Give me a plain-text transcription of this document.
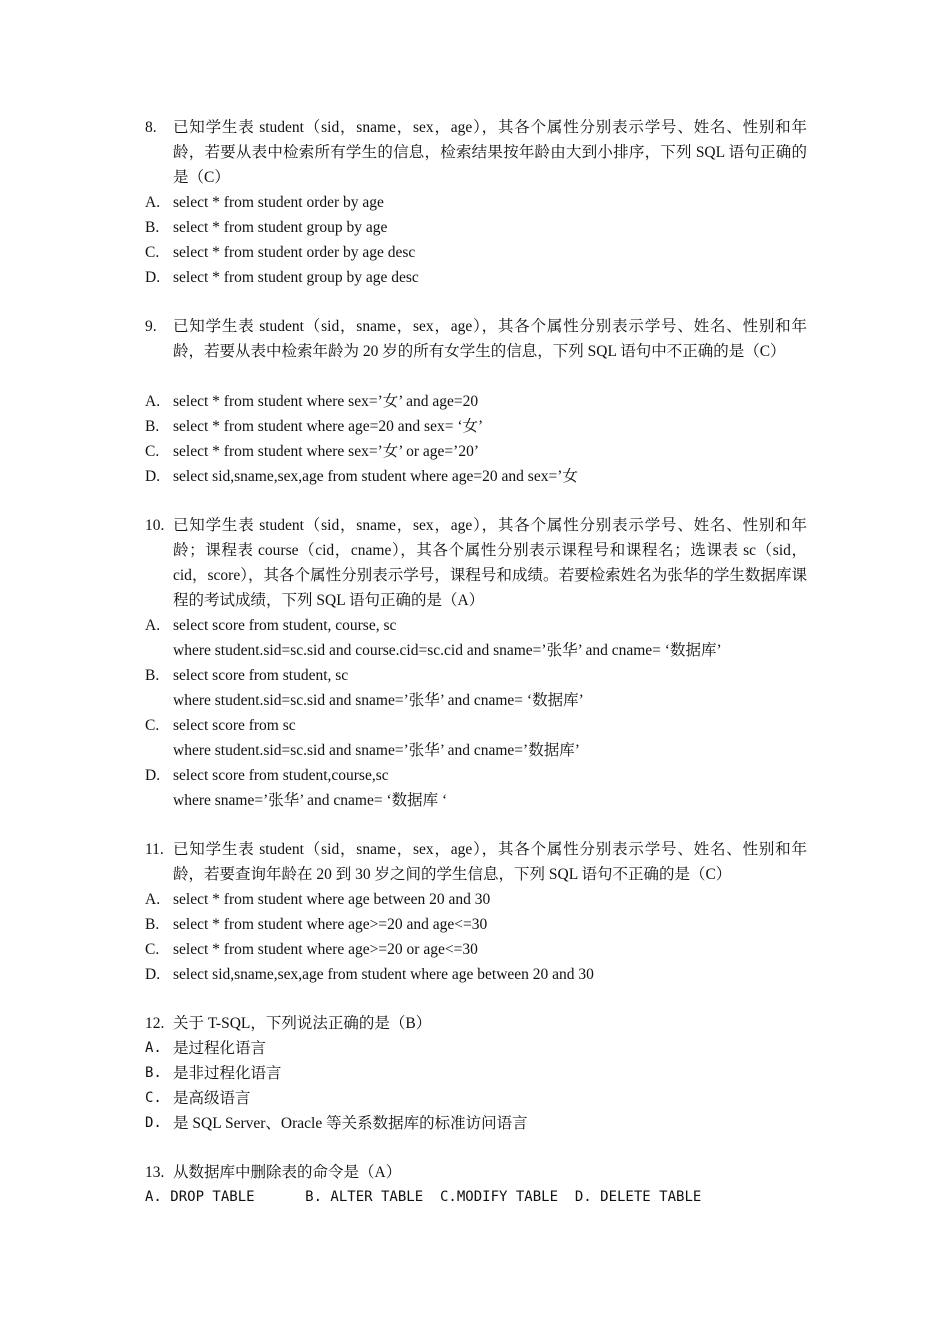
8. 已知学生表 student（sid，sname，sex，age），其各个属性分别表示学号、姓名、性别和年龄，若要从表中检索所有学生的信息，检索结果按年龄由大到小排序，下列 SQL 语句正确的是（C）
A. select * from student order by age
B. select * from student group by age
C. select * from student order by age desc
D. select * from student group by age desc
9. 已知学生表 student（sid，sname，sex，age），其各个属性分别表示学号、姓名、性别和年龄，若要从表中检索年龄为 20 岁的所有女学生的信息，下列 SQL 语句中不正确的是（C）
A. select * from student where sex=’女’ and age=20
B. select * from student where age=20 and sex= ‘女’
C. select * from student where sex=’女’ or age=’20’
D. select sid,sname,sex,age from student where age=20 and sex=’女
10. 已知学生表 student（sid，sname，sex，age），其各个属性分别表示学号、姓名、性别和年龄；课程表 course（cid，cname），其各个属性分别表示课程号和课程名；选课表 sc（sid，cid，score），其各个属性分别表示学号，课程号和成绩。若要检索姓名为张华的学生数据库课程的考试成绩，下列 SQL 语句正确的是（A）
A. select score from student, course, sc
where student.sid=sc.sid and course.cid=sc.cid and sname=’张华’ and cname= ‘数据库’
B. select score from student, sc
where student.sid=sc.sid and sname=’张华’ and cname= ‘数据库’
C. select score from sc
where student.sid=sc.sid and sname=’张华’ and cname=’数据库’
D. select score from student,course,sc
where sname=’张华’ and cname= ‘数据库 ‘
11. 已知学生表 student（sid，sname，sex，age），其各个属性分别表示学号、姓名、性别和年龄，若要查询年龄在 20 到 30 岁之间的学生信息，下列 SQL 语句不正确的是（C）
A. select * from student where age between 20 and 30
B. select * from student where age>=20 and age<=30
C. select * from student where age>=20 or age<=30
D. select sid,sname,sex,age from student where age between 20 and 30
12. 关于 T-SQL，下列说法正确的是（B）
A. 是过程化语言
B. 是非过程化语言
C. 是高级语言
D. 是 SQL Server、Oracle 等关系数据库的标准访问语言
13. 从数据库中删除表的命令是（A）
A. DROP TABLE      B. ALTER TABLE  C.MODIFY TABLE  D. DELETE TABLE
